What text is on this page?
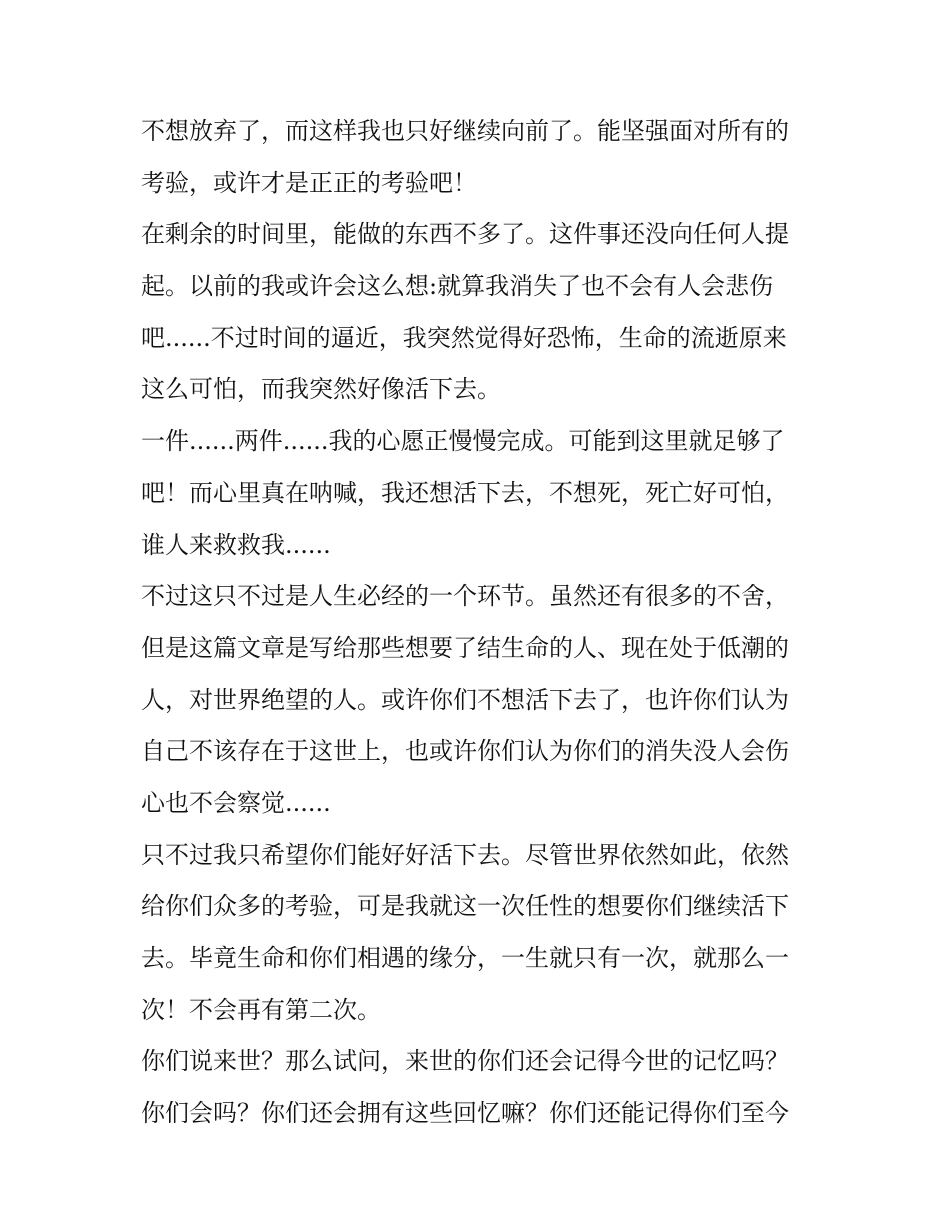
不想放弃了，而这样我也只好继续向前了。能坚强面对所有的
考验，或许才是正正的考验吧！
在剩余的时间里，能做的东西不多了。这件事还没向任何人提
起。以前的我或许会这么想:就算我消失了也不会有人会悲伤
吧......不过时间的逼近，我突然觉得好恐怖，生命的流逝原来
这么可怕，而我突然好像活下去。
一件......两件......我的心愿正慢慢完成。可能到这里就足够了
吧！而心里真在呐喊，我还想活下去，不想死，死亡好可怕，
谁人来救救我......
不过这只不过是人生必经的一个环节。虽然还有很多的不舍，
但是这篇文章是写给那些想要了结生命的人、现在处于低潮的
人，对世界绝望的人。或许你们不想活下去了，也许你们认为
自己不该存在于这世上，也或许你们认为你们的消失没人会伤
心也不会察觉......
只不过我只希望你们能好好活下去。尽管世界依然如此，依然
给你们众多的考验，可是我就这一次任性的想要你们继续活下
去。毕竟生命和你们相遇的缘分，一生就只有一次，就那么一
次！不会再有第二次。
你们说来世？那么试问，来世的你们还会记得今世的记忆吗？
你们会吗？你们还会拥有这些回忆嘛？你们还能记得你们至今
